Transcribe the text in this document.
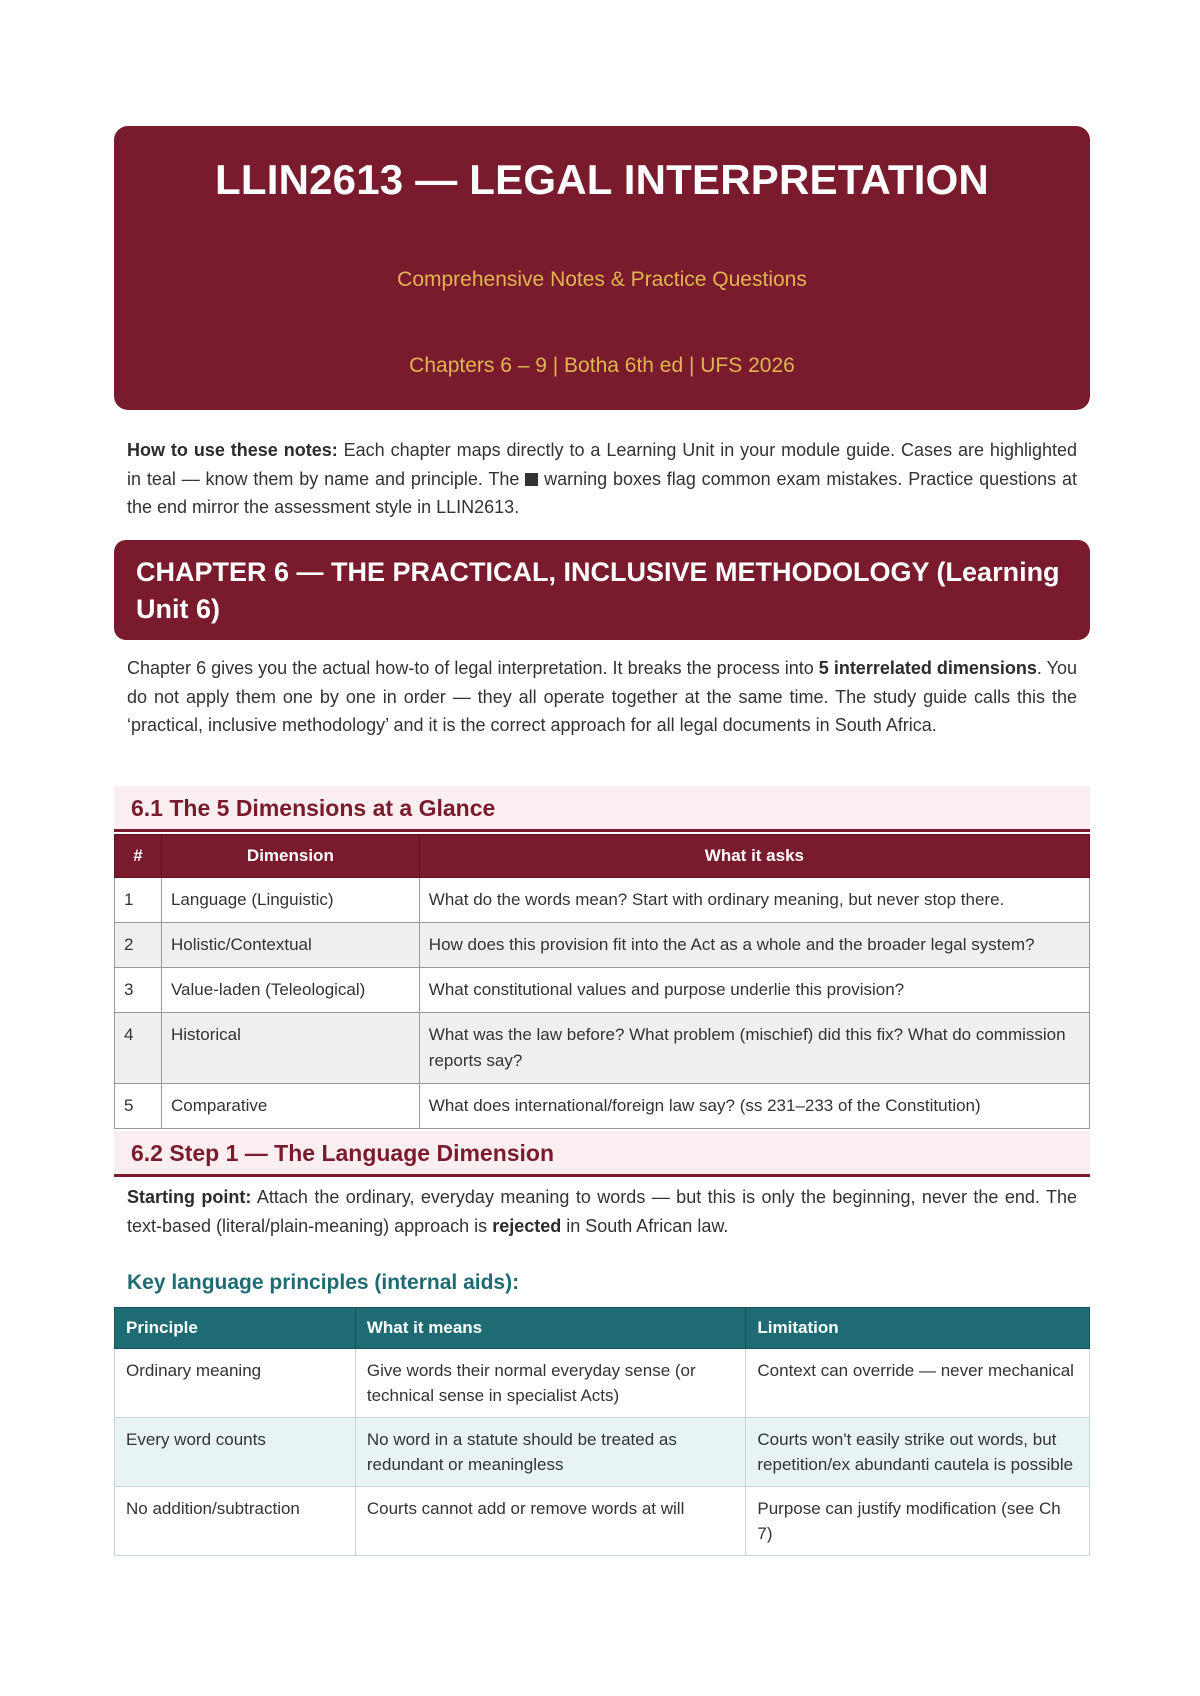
LLIN2613 — LEGAL INTERPRETATION
Comprehensive Notes & Practice Questions
Chapters 6 – 9 | Botha 6th ed | UFS 2026
How to use these notes: Each chapter maps directly to a Learning Unit in your module guide. Cases are highlighted in teal — know them by name and principle. The  warning boxes flag common exam mistakes. Practice questions at the end mirror the assessment style in LLIN2613.
CHAPTER 6 — THE PRACTICAL, INCLUSIVE METHODOLOGY (Learning Unit 6)
Chapter 6 gives you the actual how-to of legal interpretation. It breaks the process into 5 interrelated dimensions. You do not apply them one by one in order — they all operate together at the same time. The study guide calls this the ‘practical, inclusive methodology’ and it is the correct approach for all legal documents in South Africa.
6.1 The 5 Dimensions at a Glance
#	Dimension	What it asks
1	Language (Linguistic)	What do the words mean? Start with ordinary meaning, but never stop there.
2	Holistic/Contextual	How does this provision fit into the Act as a whole and the broader legal system?
3	Value-laden (Teleological)	What constitutional values and purpose underlie this provision?
4	Historical	What was the law before? What problem (mischief) did this fix? What do commission reports say?
5	Comparative	What does international/foreign law say? (ss 231–233 of the Constitution)
6.2 Step 1 — The Language Dimension
Starting point: Attach the ordinary, everyday meaning to words — but this is only the beginning, never the end. The text-based (literal/plain-meaning) approach is rejected in South African law.
Key language principles (internal aids):
Principle	What it means	Limitation
Ordinary meaning	Give words their normal everyday sense (or technical sense in specialist Acts)	Context can override — never mechanical
Every word counts	No word in a statute should be treated as redundant or meaningless	Courts won't easily strike out words, but repetition/ex abundanti cautela is possible
No addition/subtraction	Courts cannot add or remove words at will	Purpose can justify modification (see Ch 7)
